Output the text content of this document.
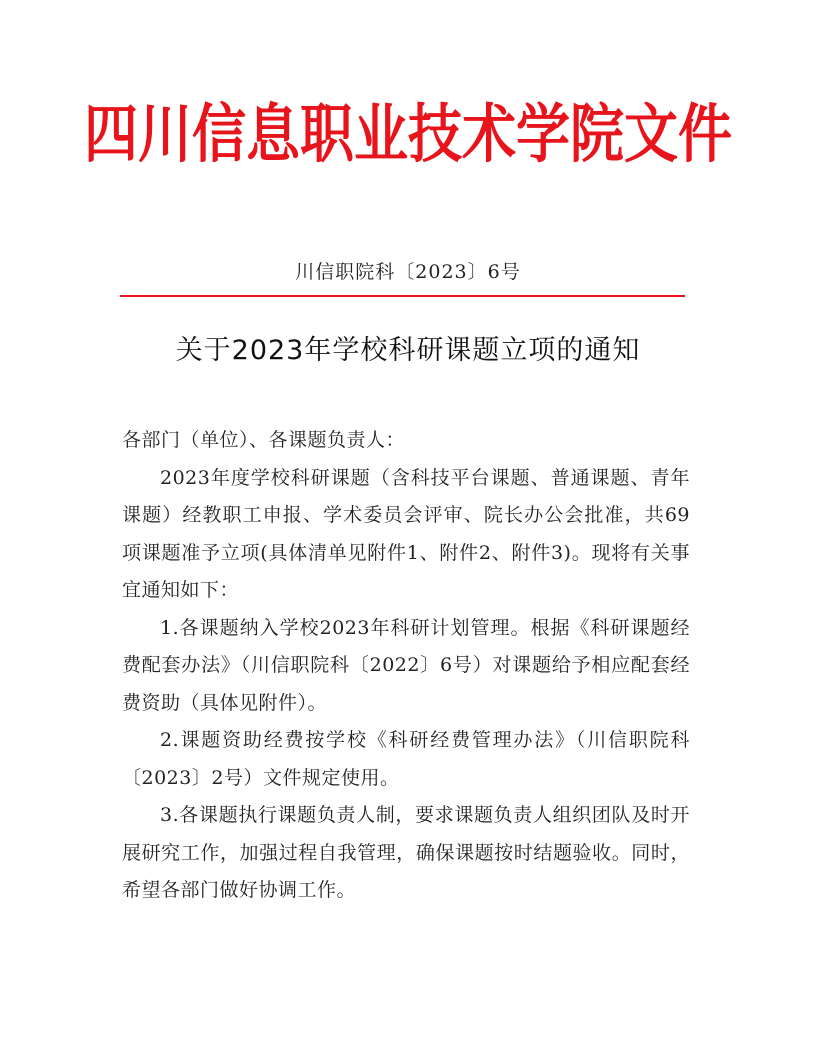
四川信息职业技术学院文件
川信职院科〔2023〕6号
关于2023年学校科研课题立项的通知

各部门（单位）、各课题负责人：

2023年度学校科研课题（含科技平台课题、普通课题、青年课题）经教职工申报、学术委员会评审、院长办公会批准，共69项课题准予立项(具体清单见附件1、附件2、附件3)。现将有关事宜通知如下：

1.各课题纳入学校2023年科研计划管理。根据《科研课题经费配套办法》（川信职院科〔2022〕6号）对课题给予相应配套经费资助（具体见附件）。

2.课题资助经费按学校《科研经费管理办法》（川信职院科〔2023〕2号）文件规定使用。

3.各课题执行课题负责人制，要求课题负责人组织团队及时开展研究工作，加强过程自我管理，确保课题按时结题验收。同时，希望各部门做好协调工作。
